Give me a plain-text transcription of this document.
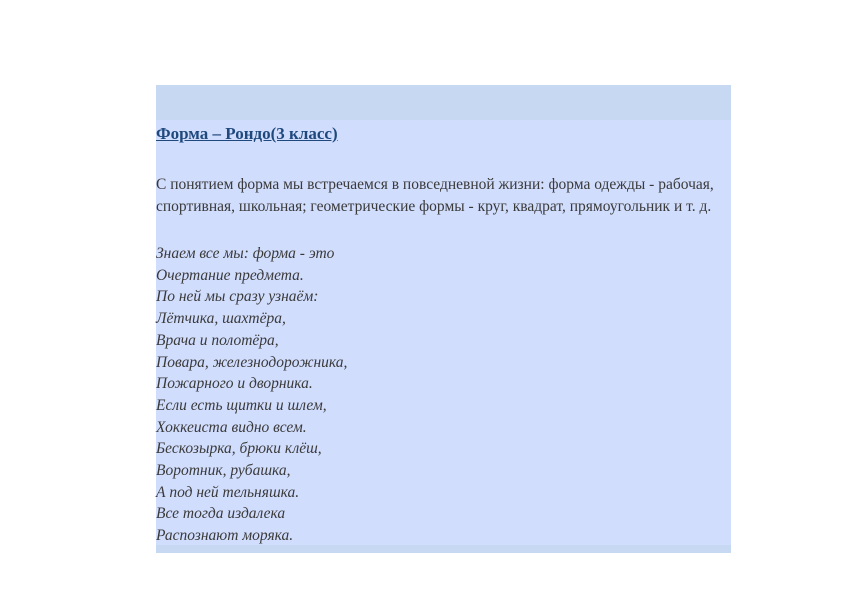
Форма – Рондо(3 класс)

С понятием форма мы встречаемся в повседневной жизни: форма одежды - рабочая, спортивная, школьная; геометрические формы - круг, квадрат, прямоугольник и т. д.

Знаем все мы: форма - это
Очертание предмета.
По ней мы сразу узнаём:
Лётчика, шахтёра,
Врача и полотёра,
Повара, железнодорожника,
Пожарного и дворника.
Если есть щитки и шлем,
Хоккеиста видно всем.
Бескозырка, брюки клёш,
Воротник, рубашка,
А под ней тельняшка.
Все тогда издалека
Распознают моряка.
